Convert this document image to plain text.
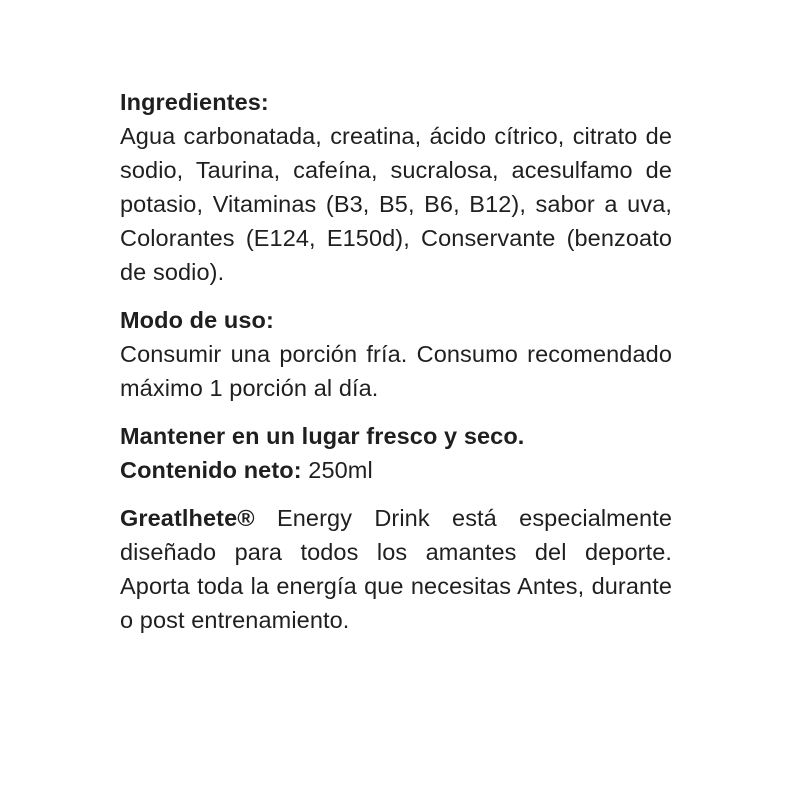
Ingredientes:
Agua carbonatada, creatina, ácido cítrico, citrato de sodio, Taurina, cafeína, sucralosa, acesulfamo de potasio, Vitaminas (B3, B5, B6, B12), sabor a uva, Colorantes (E124, E150d), Conservante (benzoato de sodio).
Modo de uso:
Consumir una porción fría. Consumo recomendado máximo 1 porción al día.
Mantener en un lugar fresco y seco.
Contenido neto: 250ml
Greatlhete® Energy Drink está especialmente diseñado para todos los amantes del deporte. Aporta toda la energía que necesitas Antes, durante o post entrenamiento.
